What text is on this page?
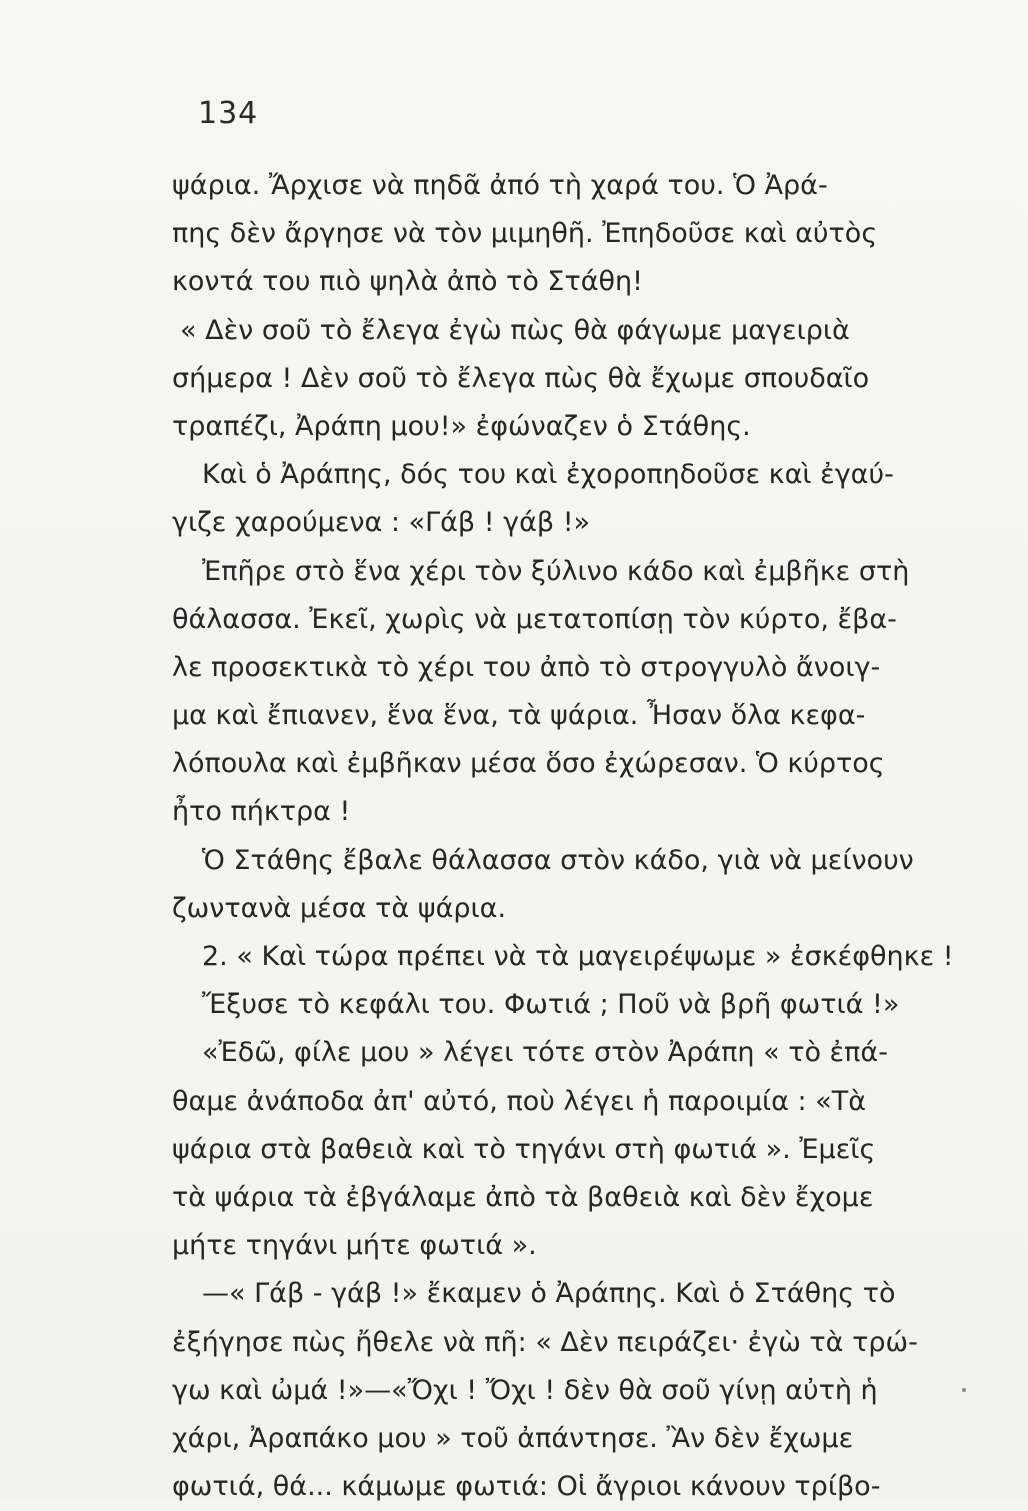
134
ψάρια. Ἄρχισε νὰ πηδᾶ ἀπό τὴ χαρά του. Ὁ Ἀρά-
πης δὲν ἄργησε νὰ τὸν μιμηθῆ. Ἐπηδοῦσε καὶ αὐτὸς
κοντά του πιὸ ψηλὰ ἀπὸ τὸ Στάθη!
« Δὲν σοῦ τὸ ἔλεγα ἐγὼ πὼς θὰ φάγωμε μαγειριὰ
σήμερα ! Δὲν σοῦ τὸ ἔλεγα πὼς θὰ ἔχωμε σπουδαῖο
τραπέζι, Ἀράπη μου!» ἐφώναζεν ὁ Στάθης.
Καὶ ὁ Ἀράπης, δός του καὶ ἐχοροπηδοῦσε καὶ ἐγαύ-
γιζε χαρούμενα : «Γάβ ! γάβ !»
Ἐπῆρε στὸ ἕνα χέρι τὸν ξύλινο κάδο καὶ ἐμβῆκε στὴ
θάλασσα. Ἐκεῖ, χωρὶς νὰ μετατοπίσῃ τὸν κύρτο, ἔβα-
λε προσεκτικὰ τὸ χέρι του ἀπὸ τὸ στρογγυλὸ ἄνοιγ-
μα καὶ ἔπιανεν, ἕνα ἕνα, τὰ ψάρια. Ἦσαν ὅλα κεφα-
λόπουλα καὶ ἐμβῆκαν μέσα ὅσο ἐχώρεσαν. Ὁ κύρτος
ἦτο πήκτρα !
Ὁ Στάθης ἔβαλε θάλασσα στὸν κάδο, γιὰ νὰ μείνουν
ζωντανὰ μέσα τὰ ψάρια.
2. « Καὶ τώρα πρέπει νὰ τὰ μαγειρέψωμε » ἐσκέφθηκε !
Ἔξυσε τὸ κεφάλι του. Φωτιά ; Ποῦ νὰ βρῆ φωτιά !»
«Ἐδῶ, φίλε μου » λέγει τότε στὸν Ἀράπη « τὸ ἐπά-
θαμε ἀνάποδα ἀπ' αὐτό, ποὺ λέγει ἡ παροιμία : «Τὰ
ψάρια στὰ βαθειὰ καὶ τὸ τηγάνι στὴ φωτιά ». Ἐμεῖς
τὰ ψάρια τὰ ἐβγάλαμε ἀπὸ τὰ βαθειὰ καὶ δὲν ἔχομε
μήτε τηγάνι μήτε φωτιά ».
—« Γάβ - γάβ !» ἔκαμεν ὁ Ἀράπης. Καὶ ὁ Στάθης τὸ
ἐξήγησε πὼς ἤθελε νὰ πῆ: « Δὲν πειράζει· ἐγὼ τὰ τρώ-
γω καὶ ὠμά !»—«Ὄχι ! Ὄχι ! δὲν θὰ σοῦ γίνῃ αὐτὴ ἡ
χάρι, Ἀραπάκο μου » τοῦ ἀπάντησε. Ἂν δὲν ἔχωμε
φωτιά, θά... κάμωμε φωτιά: Οἱ ἄγριοι κάνουν τρίβο-
